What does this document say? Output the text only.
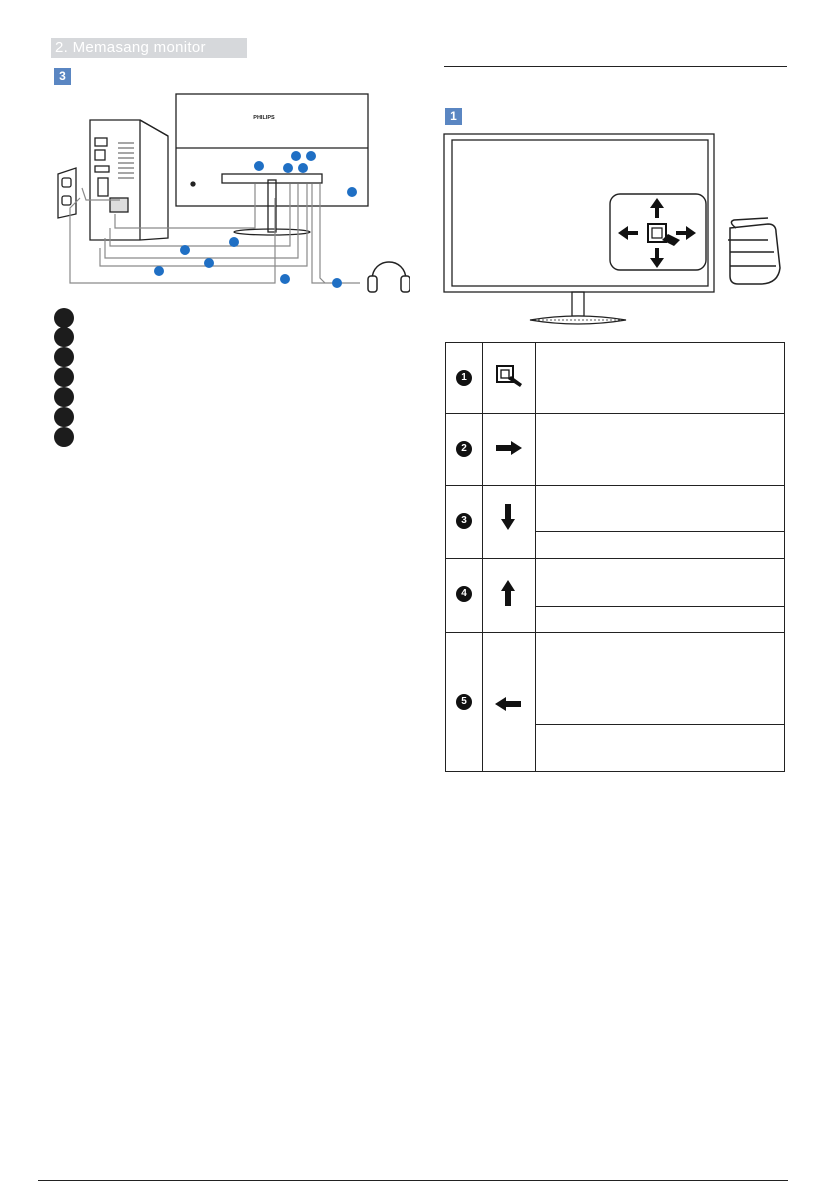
2. Memasang monitor
3
1
PHILIPS
1
2
3
4
5
